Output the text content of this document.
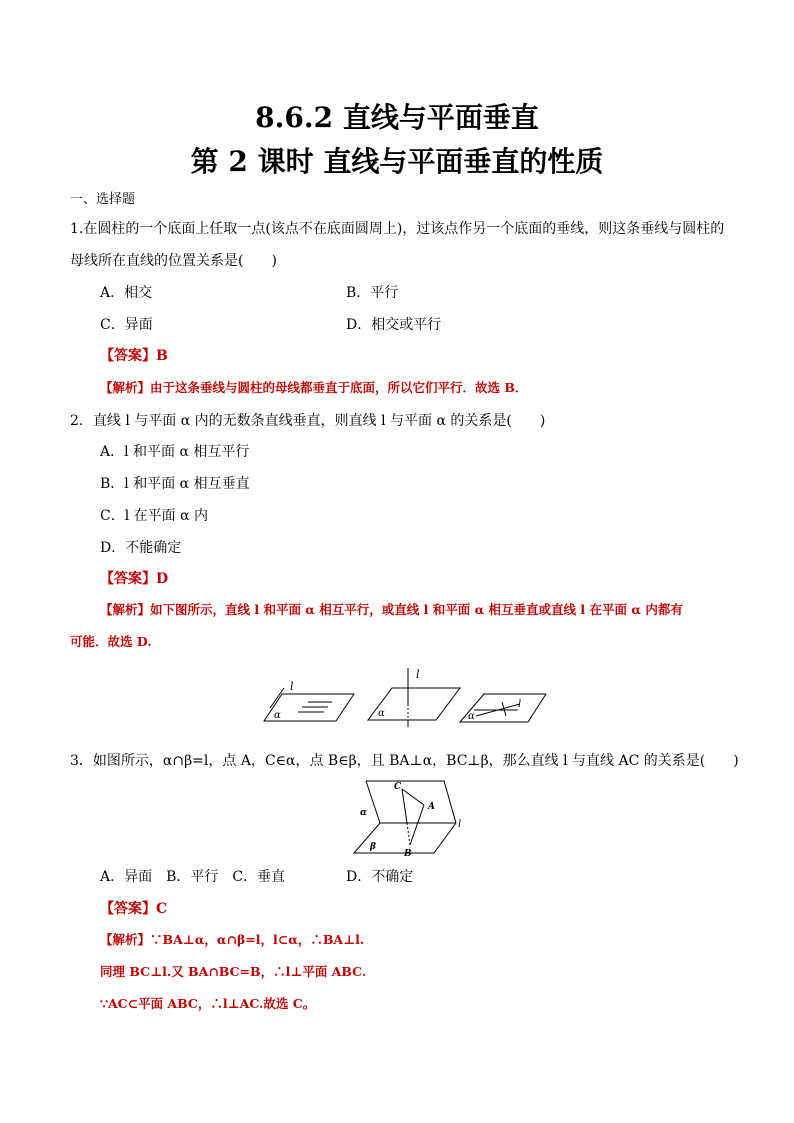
8.6.2 直线与平面垂直
第 2 课时 直线与平面垂直的性质
一、选择题
1.在圆柱的一个底面上任取一点(该点不在底面圆周上)，过该点作另一个底面的垂线，则这条垂线与圆柱的
母线所在直线的位置关系是(　　)
A．相交	B．平行
C．异面	D．相交或平行
【答案】B
【解析】由于这条垂线与圆柱的母线都垂直于底面，所以它们平行．故选 B．
2．直线 l 与平面 α 内的无数条直线垂直，则直线 l 与平面 α 的关系是(　　)
A．l 和平面 α 相互平行
B．l 和平面 α 相互垂直
C．l 在平面 α 内
D．不能确定
【答案】D
【解析】如下图所示，直线 l 和平面 α 相互平行，或直线 l 和平面 α 相互垂直或直线 l 在平面 α 内都有
可能．故选 D.
l
α
l
α
l
α
3．如图所示，α∩β=l，点 A，C∈α，点 B∈β，且 BA⊥α，BC⊥β，那么直线 l 与直线 AC 的关系是(　　)
C
A
B
l
α
β
A．异面　B．平行　C．垂直	D．不确定
【答案】C
【解析】∵BA⊥α，α∩β=l，l⊂α，∴BA⊥l.
同理 BC⊥l.又 BA∩BC=B，∴l⊥平面 ABC.
∵AC⊂平面 ABC，∴l⊥AC.故选 C。
